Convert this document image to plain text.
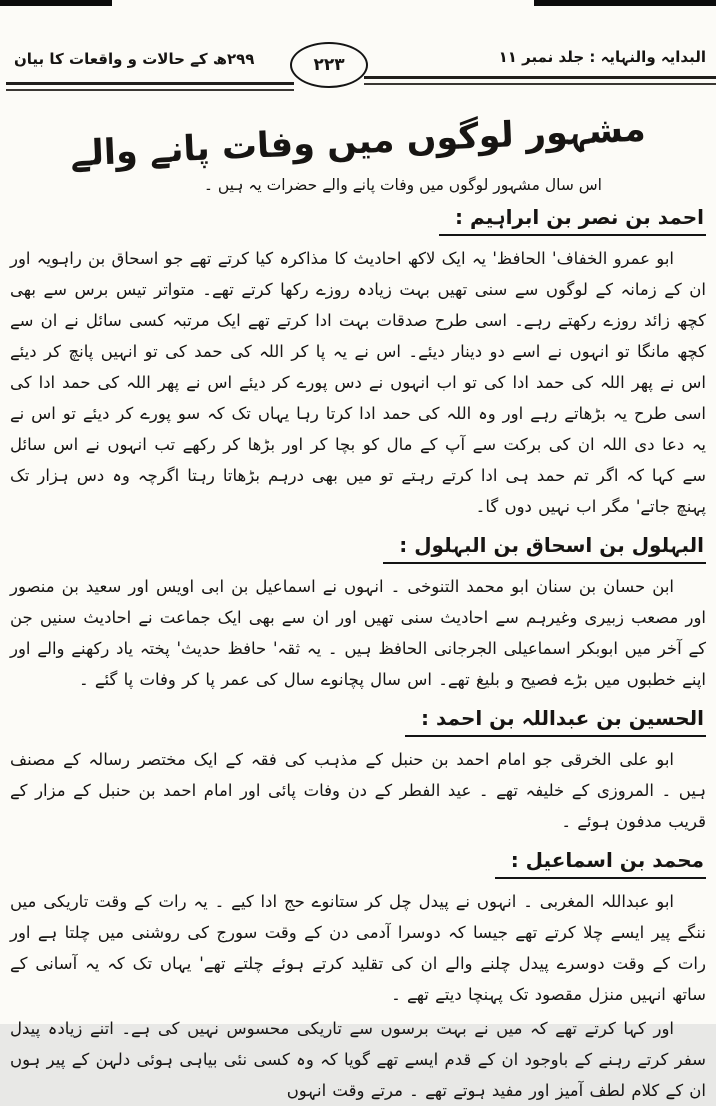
البدایہ والنہایہ : جلد نمبر ۱۱
۲۹۹ھ کے حالات و واقعات کا بیان	۲۲۳
مشہور لوگوں میں وفات پانے والے
اس سال مشہور لوگوں میں وفات پانے والے حضرات یہ ہیں ۔
احمد بن نصر بن ابراہیم :

ابو عمرو الخفاف' الحافظ' یہ ایک لاکھ احادیث کا مذاکرہ کیا کرتے تھے جو اسحاق بن راہویہ اور ان کے زمانہ کے لوگوں سے سنی تھیں بہت زیادہ روزے رکھا کرتے تھے۔ متواتر تیس برس سے بھی کچھ زائد روزے رکھتے رہے۔ اسی طرح صدقات بہت ادا کرتے تھے ایک مرتبہ کسی سائل نے ان سے کچھ مانگا تو انہوں نے اسے دو دینار دیئے۔ اس نے یہ پا کر اللہ کی حمد کی تو انہیں پانچ کر دیئے اس نے پھر اللہ کی حمد ادا کی تو اب انہوں نے دس پورے کر دیئے اس نے پھر اللہ کی حمد ادا کی اسی طرح یہ بڑھاتے رہے اور وہ اللہ کی حمد ادا کرتا رہا یہاں تک کہ سو پورے کر دیئے تو اس نے یہ دعا دی اللہ ان کی برکت سے آپ کے مال کو بچا کر اور بڑھا کر رکھے تب انہوں نے اس سائل سے کہا کہ اگر تم حمد ہی ادا کرتے رہتے تو میں بھی درہم بڑھاتا رہتا اگرچہ وہ دس ہزار تک پہنچ جاتے' مگر اب نہیں دوں گا۔

البہلول بن اسحاق بن البہلول :

ابن حسان بن سنان ابو محمد التنوخی ۔ انہوں نے اسماعیل بن ابی اویس اور سعید بن منصور اور مصعب زبیری وغیرہم سے احادیث سنی تھیں اور ان سے بھی ایک جماعت نے احادیث سنیں جن کے آخر میں ابوبکر اسماعیلی الجرجانی الحافظ ہیں ۔ یہ ثقہ' حافظ حدیث' پختہ یاد رکھنے والے اور اپنے خطبوں میں بڑے فصیح و بلیغ تھے۔ اس سال پچانوے سال کی عمر پا کر وفات پا گئے ۔

الحسین بن عبداللہ بن احمد :

ابو علی الخرقی جو امام احمد بن حنبل کے مذہب کی فقہ کے ایک مختصر رسالہ کے مصنف ہیں ۔ المروزی کے خلیفہ تھے ۔ عید الفطر کے دن وفات پائی اور امام احمد بن حنبل کے مزار کے قریب مدفون ہوئے ۔

محمد بن اسماعیل :

ابو عبداللہ المغربی ۔ انہوں نے پیدل چل کر ستانوے حج ادا کیے ۔ یہ رات کے وقت تاریکی میں ننگے پیر ایسے چلا کرتے تھے جیسا کہ دوسرا آدمی دن کے وقت سورج کی روشنی میں چلتا ہے اور رات کے وقت دوسرے پیدل چلنے والے ان کی تقلید کرتے ہوئے چلتے تھے' یہاں تک کہ یہ آسانی کے ساتھ انہیں منزل مقصود تک پہنچا دیتے تھے ۔

اور کہا کرتے تھے کہ میں نے بہت برسوں سے تاریکی محسوس نہیں کی ہے۔ اتنے زیادہ پیدل سفر کرتے رہنے کے باوجود ان کے قدم ایسے تھے گویا کہ وہ کسی نئی بیاہی ہوئی دلہن کے پیر ہوں ان کے کلام لطف آمیز اور مفید ہوتے تھے ۔ مرتے وقت انہوں
